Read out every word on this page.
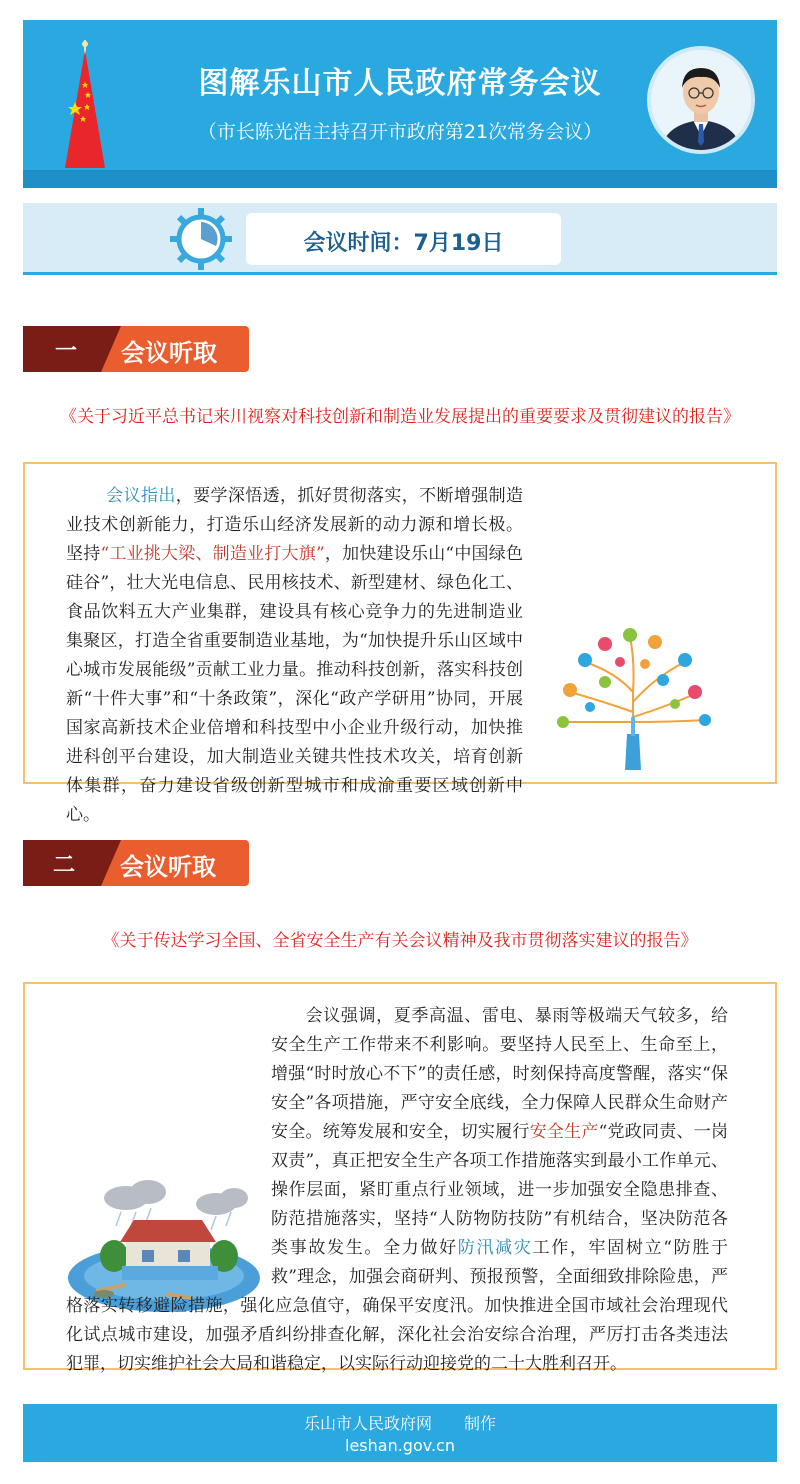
图解乐山市人民政府常务会议
（市长陈光浩主持召开市政府第21次常务会议）
会议时间：7月19日
一 会议听取
《关于习近平总书记来川视察对科技创新和制造业发展提出的重要要求及贯彻建议的报告》

会议指出，要学深悟透，抓好贯彻落实，不断增强制造业技术创新能力，打造乐山经济发展新的动力源和增长极。坚持“工业挑大梁、制造业打大旗”，加快建设乐山“中国绿色硅谷”，壮大光电信息、民用核技术、新型建材、绿色化工、食品饮料五大产业集群，建设具有核心竞争力的先进制造业集聚区，打造全省重要制造业基地，为“加快提升乐山区域中心城市发展能级”贡献工业力量。推动科技创新，落实科技创新“十件大事”和“十条政策”，深化“政产学研用”协同，开展国家高新技术企业倍增和科技型中小企业升级行动，加快推进科创平台建设，加大制造业关键共性技术攻关，培育创新体集群，奋力建设省级创新型城市和成渝重要区域创新中心。
二 会议听取
《关于传达学习全国、全省安全生产有关会议精神及我市贯彻落实建议的报告》
会议强调，夏季高温、雷电、暴雨等极端天气较多，给安全生产工作带来不利影响。要坚持人民至上、生命至上，增强“时时放心不下”的责任感，时刻保持高度警醒，落实“保安全”各项措施，严守安全底线，全力保障人民群众生命财产安全。统筹发展和安全，切实履行安全生产“党政同责、一岗双责”，真正把安全生产各项工作措施落实到最小工作单元、操作层面，紧盯重点行业领域，进一步加强安全隐患排查、防范措施落实，坚持“人防物防技防”有机结合，坚决防范各类事故发生。全力做好防汛减灾工作，牢固树立“防胜于救”理念，加强会商研判、预报预警，全面细致排除险患，严格落实转移避险措施，强化应急值守，确保平安度汛。加快推进全国市域社会治理现代化试点城市建设，加强矛盾纠纷排查化解，深化社会治安综合治理，严厉打击各类违法犯罪，切实维护社会大局和谐稳定，以实际行动迎接党的二十大胜利召开。
乐山市人民政府网　　制作
leshan.gov.cn
